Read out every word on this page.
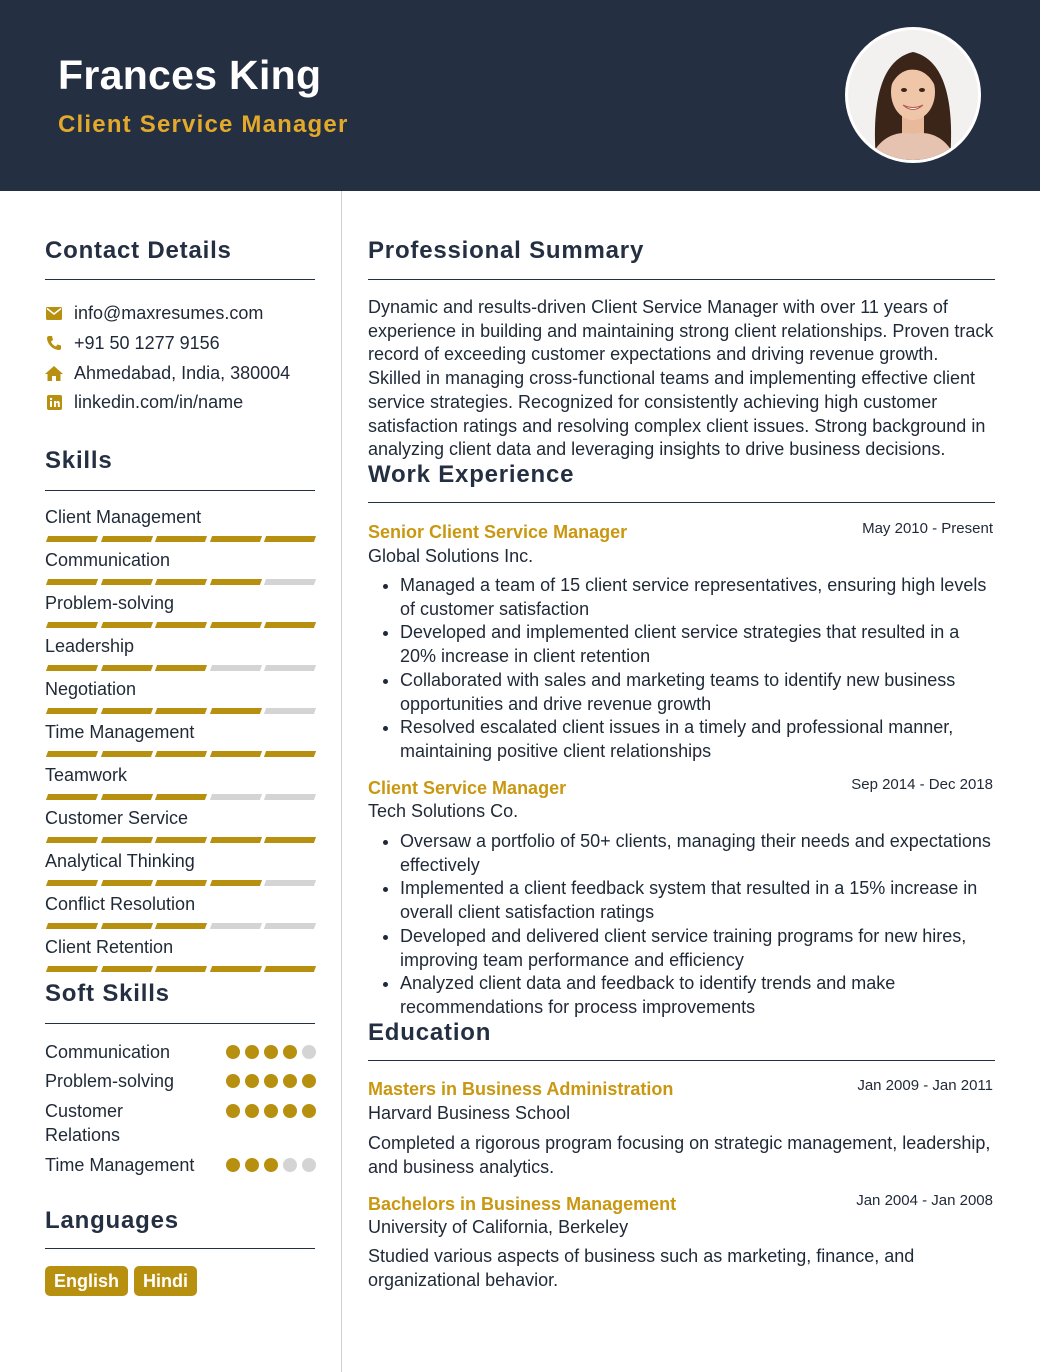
Frances King
Client Service Manager
Contact Details
info@maxresumes.com
+91 50 1277 9156
Ahmedabad, India, 380004
linkedin.com/in/name
Skills
Client Management
Communication
Problem-solving
Leadership
Negotiation
Time Management
Teamwork
Customer Service
Analytical Thinking
Conflict Resolution
Client Retention
Soft Skills
Communication
Problem-solving
Customer Relations
Time Management
Languages
English	Hindi
Professional Summary
Dynamic and results-driven Client Service Manager with over 11 years of experience in building and maintaining strong client relationships. Proven track record of exceeding customer expectations and driving revenue growth. Skilled in managing cross-functional teams and implementing effective client service strategies. Recognized for consistently achieving high customer satisfaction ratings and resolving complex client issues. Strong background in analyzing client data and leveraging insights to drive business decisions.
Work Experience
Senior Client Service Manager	May 2010 - Present
Global Solutions Inc.
• Managed a team of 15 client service representatives, ensuring high levels of customer satisfaction
• Developed and implemented client service strategies that resulted in a 20% increase in client retention
• Collaborated with sales and marketing teams to identify new business opportunities and drive revenue growth
• Resolved escalated client issues in a timely and professional manner, maintaining positive client relationships
Client Service Manager	Sep 2014 - Dec 2018
Tech Solutions Co.
• Oversaw a portfolio of 50+ clients, managing their needs and expectations effectively
• Implemented a client feedback system that resulted in a 15% increase in overall client satisfaction ratings
• Developed and delivered client service training programs for new hires, improving team performance and efficiency
• Analyzed client data and feedback to identify trends and make recommendations for process improvements
Education
Masters in Business Administration	Jan 2009 - Jan 2011
Harvard Business School
Completed a rigorous program focusing on strategic management, leadership, and business analytics.
Bachelors in Business Management	Jan 2004 - Jan 2008
University of California, Berkeley
Studied various aspects of business such as marketing, finance, and organizational behavior.
